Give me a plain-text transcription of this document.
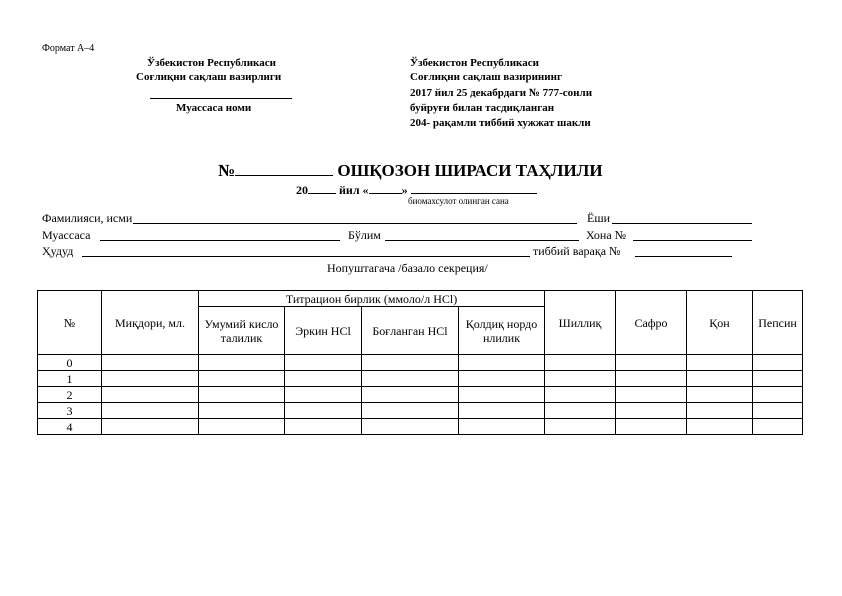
Формат А–4
Ўзбекистон Республикаси
Соғлиқни сақлаш вазирлиги
Муассаса номи
Ўзбекистон Республикаси
Соғлиқни сақлаш вазирининг
2017 йил 25 декабрдаги № 777-сонли
буйруғи билан тасдиқланган
204- рақамли тиббий хужжат шакли
№	ОШҚОЗОН ШИРАСИ ТАҲЛИЛИ
20	йил «	»
биомахсулот олинган сана
Фамилияси, исми	Ёши
Муассаса	Бўлим	Хона №
Ҳудуд	тиббий варақа №
Нопуштагача /базало секреция/
№	Миқдори, мл.	Титрацион бирлик (ммоло/л HCl)				Шиллиқ	Сафро	Қон	Пепсин
		Умумий кислоталилик	Эркин HCl	Боғланган HCl	Қолдиқ нордонлилик				
0									
1									
2									
3									
4									
